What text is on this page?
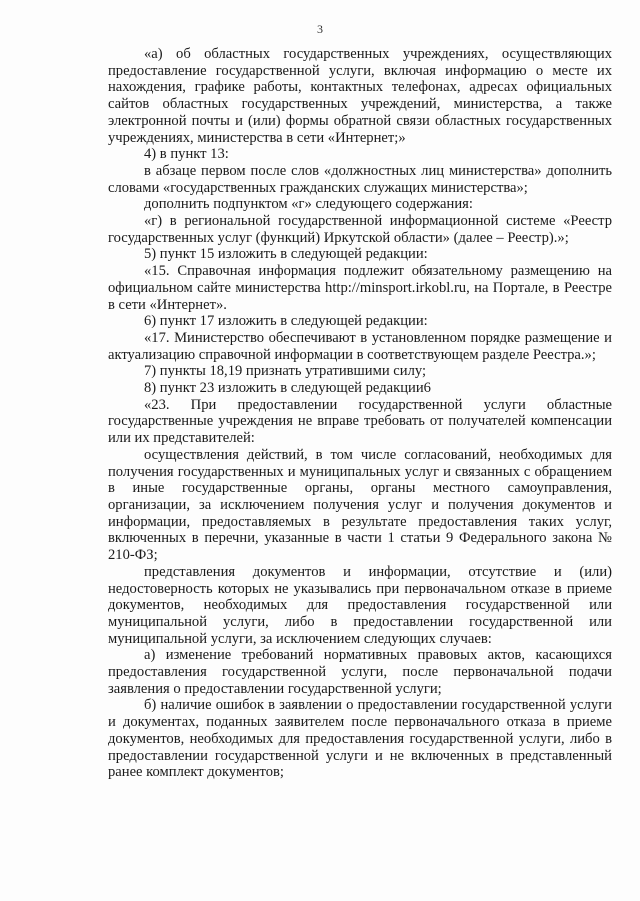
3

«а) об областных государственных учреждениях, осуществляющих предоставление государственной услуги, включая информацию о месте их нахождения, графике работы, контактных телефонах, адресах официальных сайтов областных государственных учреждений, министерства, а также электронной почты и (или) формы обратной связи областных государственных учреждениях, министерства в сети «Интернет;»

4) в пункт 13:

в абзаце первом после слов «должностных лиц министерства» дополнить словами «государственных гражданских служащих министерства»;

дополнить подпунктом «г» следующего содержания:

«г) в региональной государственной информационной системе «Реестр государственных услуг (функций) Иркутской области» (далее – Реестр).»;

5) пункт 15 изложить в следующей редакции:

«15. Справочная информация подлежит обязательному размещению на официальном сайте министерства http://minsport.irkobl.ru, на Портале, в Реестре в сети «Интернет».

6) пункт 17 изложить в следующей редакции:

«17. Министерство обеспечивают в установленном порядке размещение и актуализацию справочной информации в соответствующем разделе Реестра.»;

7) пункты 18,19 признать утратившими силу;

8) пункт 23 изложить в следующей редакции6

«23. При предоставлении государственной услуги областные государственные учреждения не вправе требовать от получателей компенсации или их представителей:

осуществления действий, в том числе согласований, необходимых для получения государственных и муниципальных услуг и связанных с обращением в иные государственные органы, органы местного самоуправления, организации, за исключением получения услуг и получения документов и информации, предоставляемых в результате предоставления таких услуг, включенных в перечни, указанные в части 1 статьи 9 Федерального закона № 210-ФЗ;

представления документов и информации, отсутствие и (или) недостоверность которых не указывались при первоначальном отказе в приеме документов, необходимых для предоставления государственной или муниципальной услуги, либо в предоставлении государственной или муниципальной услуги, за исключением следующих случаев:

а) изменение требований нормативных правовых актов, касающихся предоставления государственной услуги, после первоначальной подачи заявления о предоставлении государственной услуги;

б) наличие ошибок в заявлении о предоставлении государственной услуги и документах, поданных заявителем после первоначального отказа в приеме документов, необходимых для предоставления государственной услуги, либо в предоставлении государственной услуги и не включенных в представленный ранее комплект документов;
